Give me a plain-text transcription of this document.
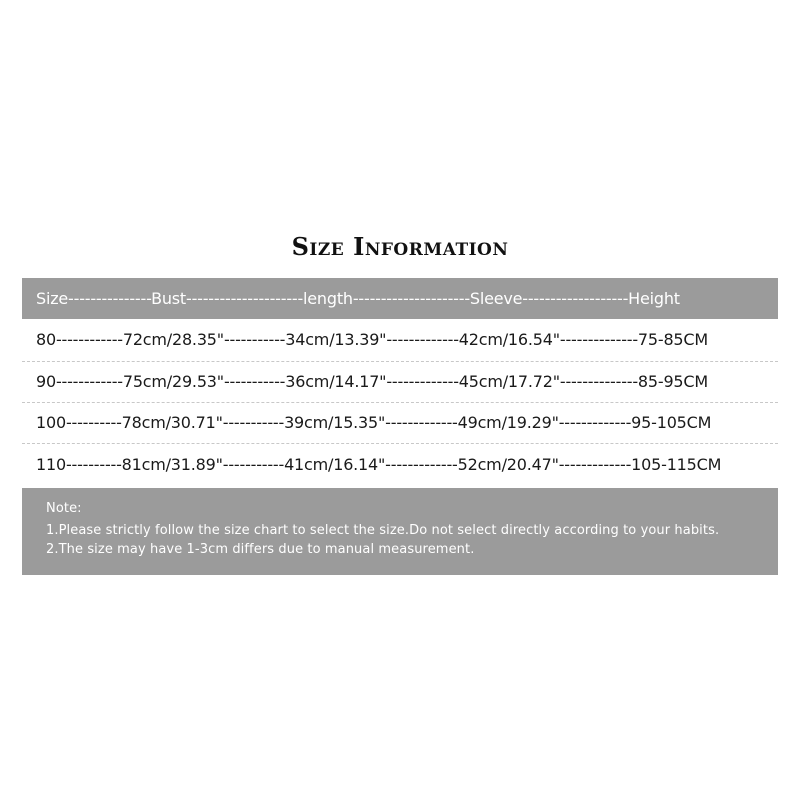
Size Information
Size---------------Bust---------------------length---------------------Sleeve-------------------Height
80------------72cm/28.35"-----------34cm/13.39"-------------42cm/16.54"--------------75-85CM
90------------75cm/29.53"-----------36cm/14.17"-------------45cm/17.72"--------------85-95CM
100----------78cm/30.71"-----------39cm/15.35"-------------49cm/19.29"-------------95-105CM
110----------81cm/31.89"-----------41cm/16.14"-------------52cm/20.47"-------------105-115CM
Note:
1.Please strictly follow the size chart to select the size.Do not select directly according to your habits.
2.The size may have 1-3cm differs due to manual measurement.
